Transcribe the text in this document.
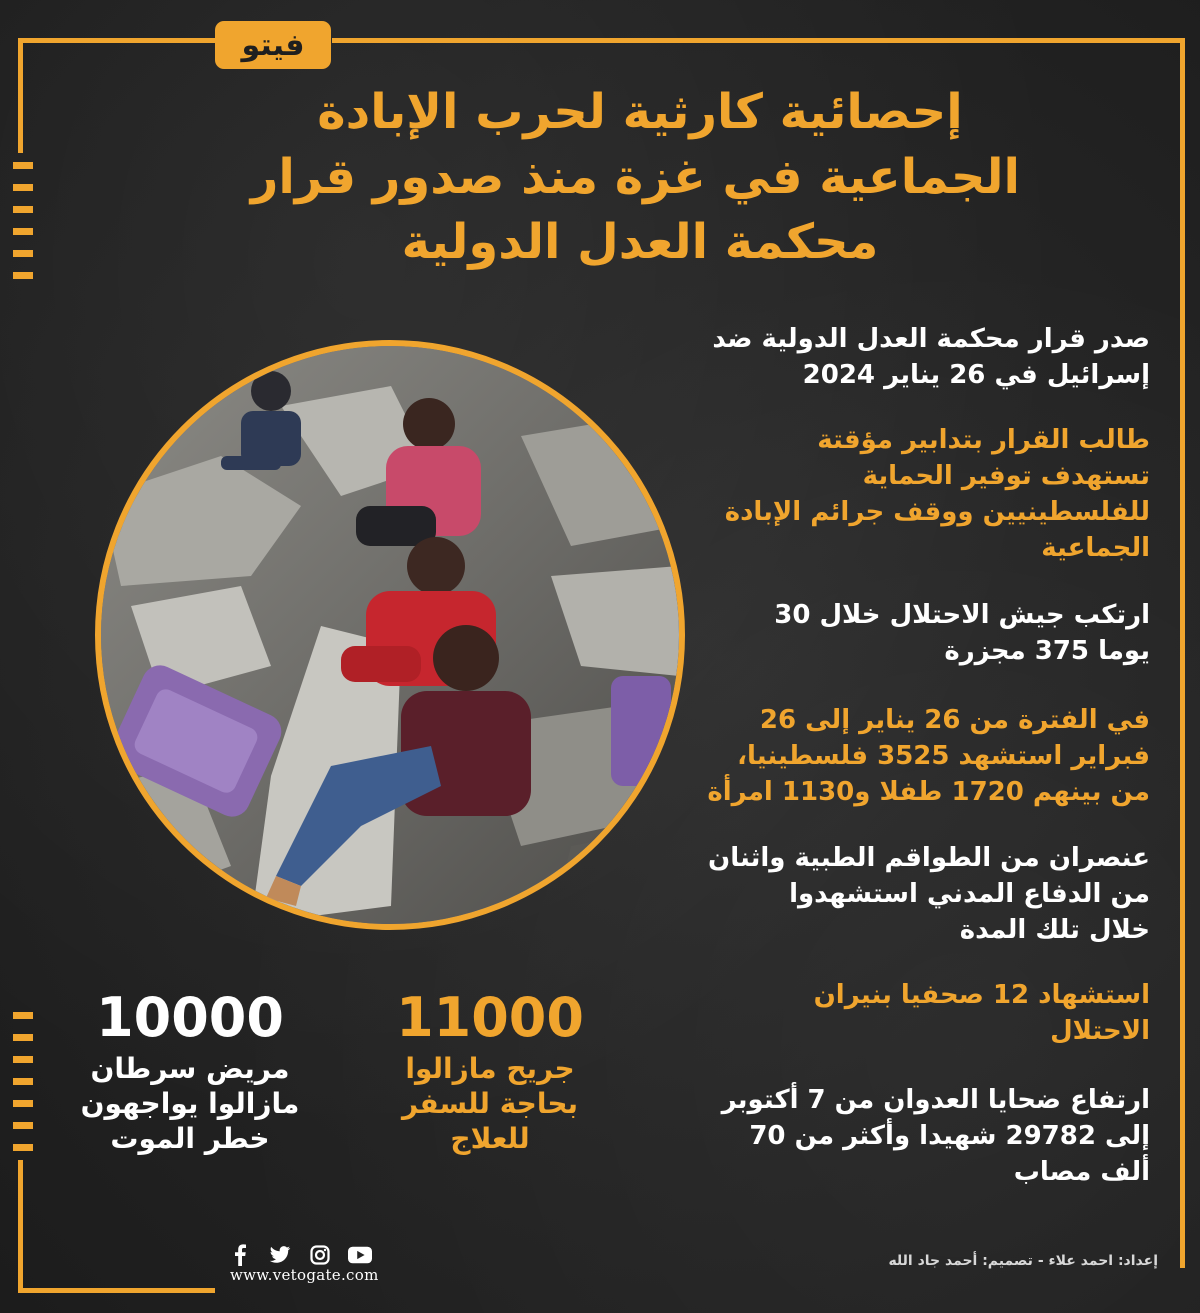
فيتو
إحصائية كارثية لحرب الإبادة
الجماعية في غزة منذ صدور قرار
محكمة العدل الدولية
صدر قرار محكمة العدل الدولية ضد
إسرائيل في 26 يناير 2024
طالب القرار بتدابير مؤقتة
تستهدف توفير الحماية
للفلسطينيين ووقف جرائم الإبادة
الجماعية
ارتكب جيش الاحتلال خلال 30
يوما 375 مجزرة
في الفترة من 26 يناير إلى 26
فبراير استشهد 3525 فلسطينيا،
من بينهم 1720 طفلا و1130 امرأة
عنصران من الطواقم الطبية واثنان
من الدفاع المدني استشهدوا
خلال تلك المدة
استشهاد 12 صحفيا بنيران
الاحتلال
ارتفاع ضحايا العدوان من 7 أكتوبر
إلى 29782 شهيدا وأكثر من 70
ألف مصاب
10000
مريض سرطان
مازالوا يواجهون
خطر الموت
11000
جريح مازالوا
بحاجة للسفر
للعلاج
www.vetogate.com
إعداد: احمد علاء - تصميم: أحمد جاد الله
